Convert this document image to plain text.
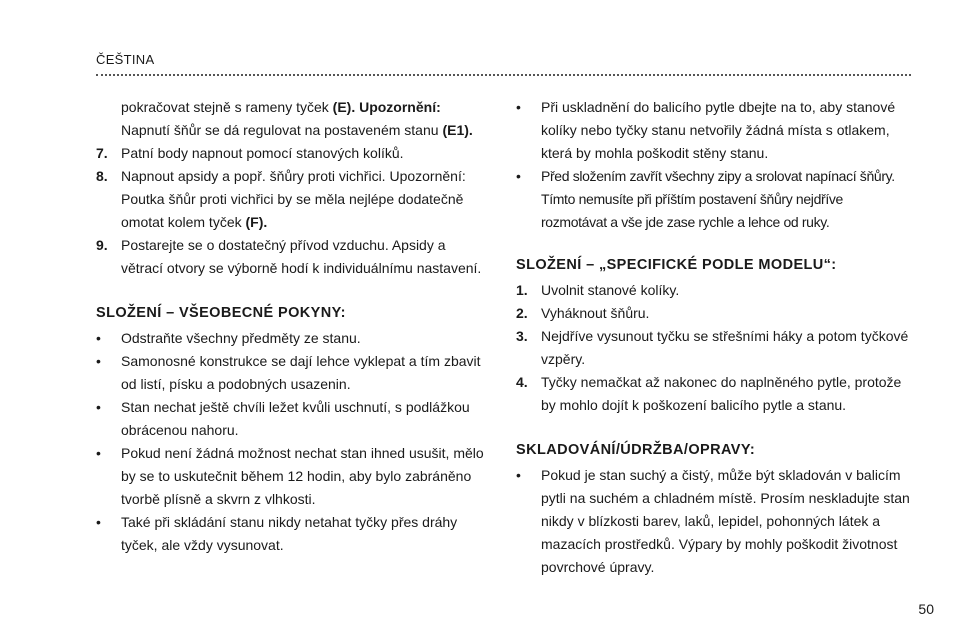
ČEŠTINA
pokračovat stejně s rameny tyček (E). Upozornění: Napnutí šňůr se dá regulovat na postaveném stanu (E1).
7. Patní body napnout pomocí stanových kolíků.
8. Napnout apsidy a popř. šňůry proti vichřici. Upozornění: Poutka šňůr proti vichřici by se měla nejlépe dodatečně omotat kolem tyček (F).
9. Postarejte se o dostatečný přívod vzduchu. Apsidy a větrací otvory se výborně hodí k individuálnímu nastavení.
SLOŽENÍ – VŠEOBECNÉ POKYNY:
• Odstraňte všechny předměty ze stanu.
• Samonosné konstrukce se dají lehce vyklepat a tím zbavit od listí, písku a podobných usazenin.
• Stan nechat ještě chvíli ležet kvůli uschnutí, s podlážkou obrácenou nahoru.
• Pokud není žádná možnost nechat stan ihned usušit, mělo by se to uskutečnit během 12 hodin, aby bylo zabráněno tvorbě plísně a skvrn z vlhkosti.
• Také při skládání stanu nikdy netahat tyčky přes dráhy tyček, ale vždy vysunovat.
• Při uskladnění do balicího pytle dbejte na to, aby stanové kolíky nebo tyčky stanu netvořily žádná místa s otlakem, která by mohla poškodit stěny stanu.
• Před složením zavřít všechny zipy a srolovat napínací šňůry. Tímto nemusíte při příštím postavení šňůry nejdříve rozmotávat a vše jde zase rychle a lehce od ruky.
SLOŽENÍ – „SPECIFICKÉ PODLE MODELU“:
1. Uvolnit stanové kolíky.
2. Vyháknout šňůru.
3. Nejdříve vysunout tyčku se střešními háky a potom tyčkové vzpěry.
4. Tyčky nemačkat až nakonec do naplněného pytle, protože by mohlo dojít k poškození balicího pytle a stanu.
SKLADOVÁNÍ/ÚDRŽBA/OPRAVY:
• Pokud je stan suchý a čistý, může být skladován v balicím pytli na suchém a chladném místě. Prosím neskladujte stan nikdy v blízkosti barev, laků, lepidel, pohonných látek a mazacích prostředků. Výpary by mohly poškodit životnost povrchové úpravy.
50
